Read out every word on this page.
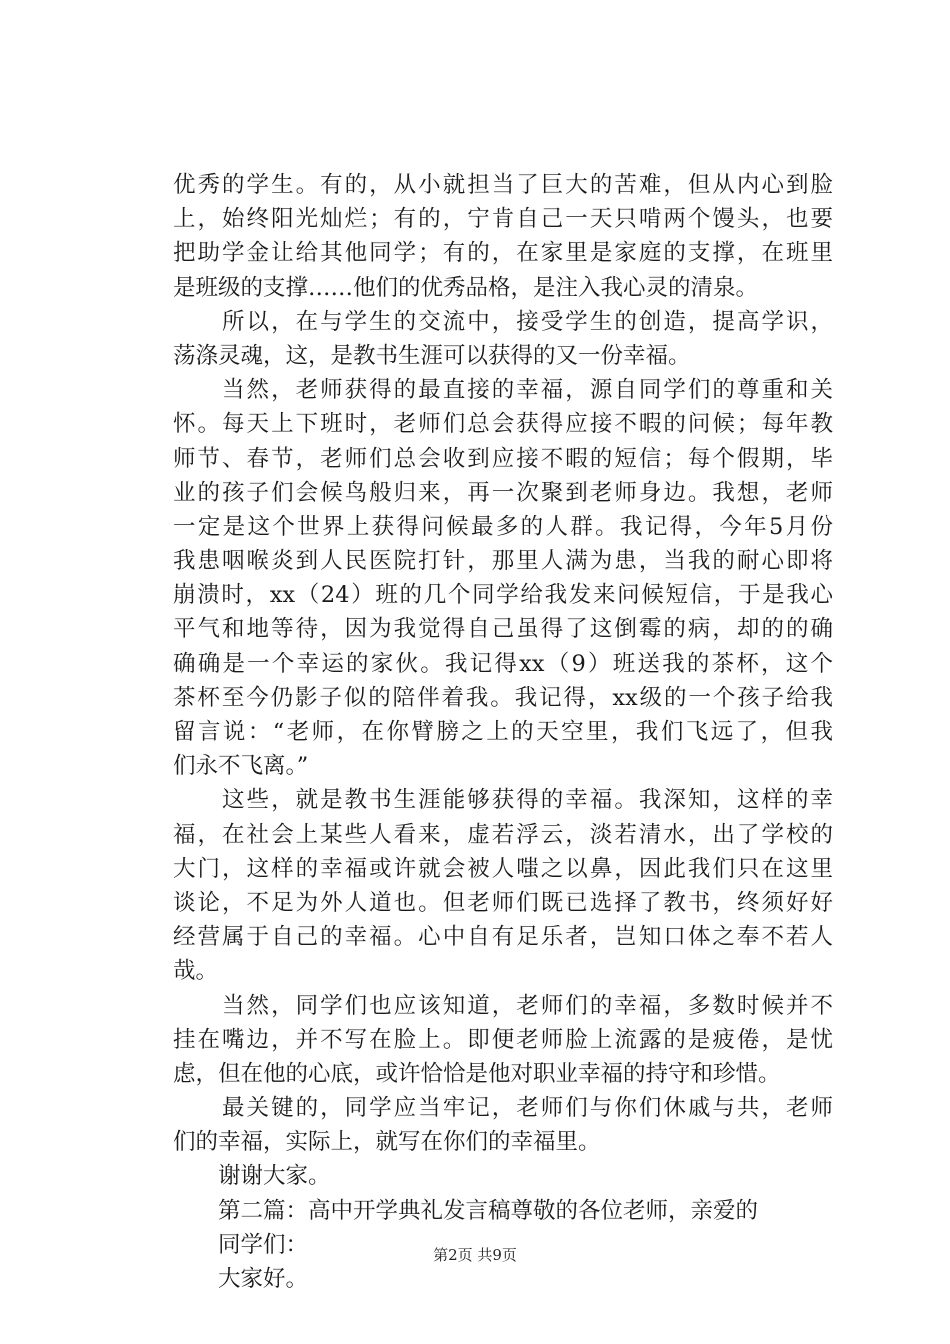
优秀的学生。有的，从小就担当了巨大的苦难，但从内心到脸
上，始终阳光灿烂；有的，宁肯自己一天只啃两个馒头，也要
把助学金让给其他同学；有的，在家里是家庭的支撑，在班里
是班级的支撑……他们的优秀品格，是注入我心灵的清泉。
　　所以，在与学生的交流中，接受学生的创造，提高学识，
荡涤灵魂，这，是教书生涯可以获得的又一份幸福。
　　当然，老师获得的最直接的幸福，源自同学们的尊重和关
怀。每天上下班时，老师们总会获得应接不暇的问候；每年教
师节、春节，老师们总会收到应接不暇的短信；每个假期，毕
业的孩子们会候鸟般归来，再一次聚到老师身边。我想，老师
一定是这个世界上获得问候最多的人群。我记得，今年5月份
我患咽喉炎到人民医院打针，那里人满为患，当我的耐心即将
崩溃时，xx（24）班的几个同学给我发来问候短信，于是我心
平气和地等待，因为我觉得自己虽得了这倒霉的病，却的的确
确确是一个幸运的家伙。我记得xx（9）班送我的茶杯，这个
茶杯至今仍影子似的陪伴着我。我记得，xx级的一个孩子给我
留言说：“老师，在你臂膀之上的天空里，我们飞远了，但我
们永不飞离。”
　　这些，就是教书生涯能够获得的幸福。我深知，这样的幸
福，在社会上某些人看来，虚若浮云，淡若清水，出了学校的
大门，这样的幸福或许就会被人嗤之以鼻，因此我们只在这里
谈论，不足为外人道也。但老师们既已选择了教书，终须好好
经营属于自己的幸福。心中自有足乐者，岂知口体之奉不若人
哉。
　　当然，同学们也应该知道，老师们的幸福，多数时候并不
挂在嘴边，并不写在脸上。即便老师脸上流露的是疲倦，是忧
虑，但在他的心底，或许恰恰是他对职业幸福的持守和珍惜。
　　最关键的，同学应当牢记，老师们与你们休戚与共，老师
们的幸福，实际上，就写在你们的幸福里。
　　谢谢大家。
　　第二篇：高中开学典礼发言稿尊敬的各位老师，亲爱的
　　同学们：
　　大家好。
第2页 共9页
